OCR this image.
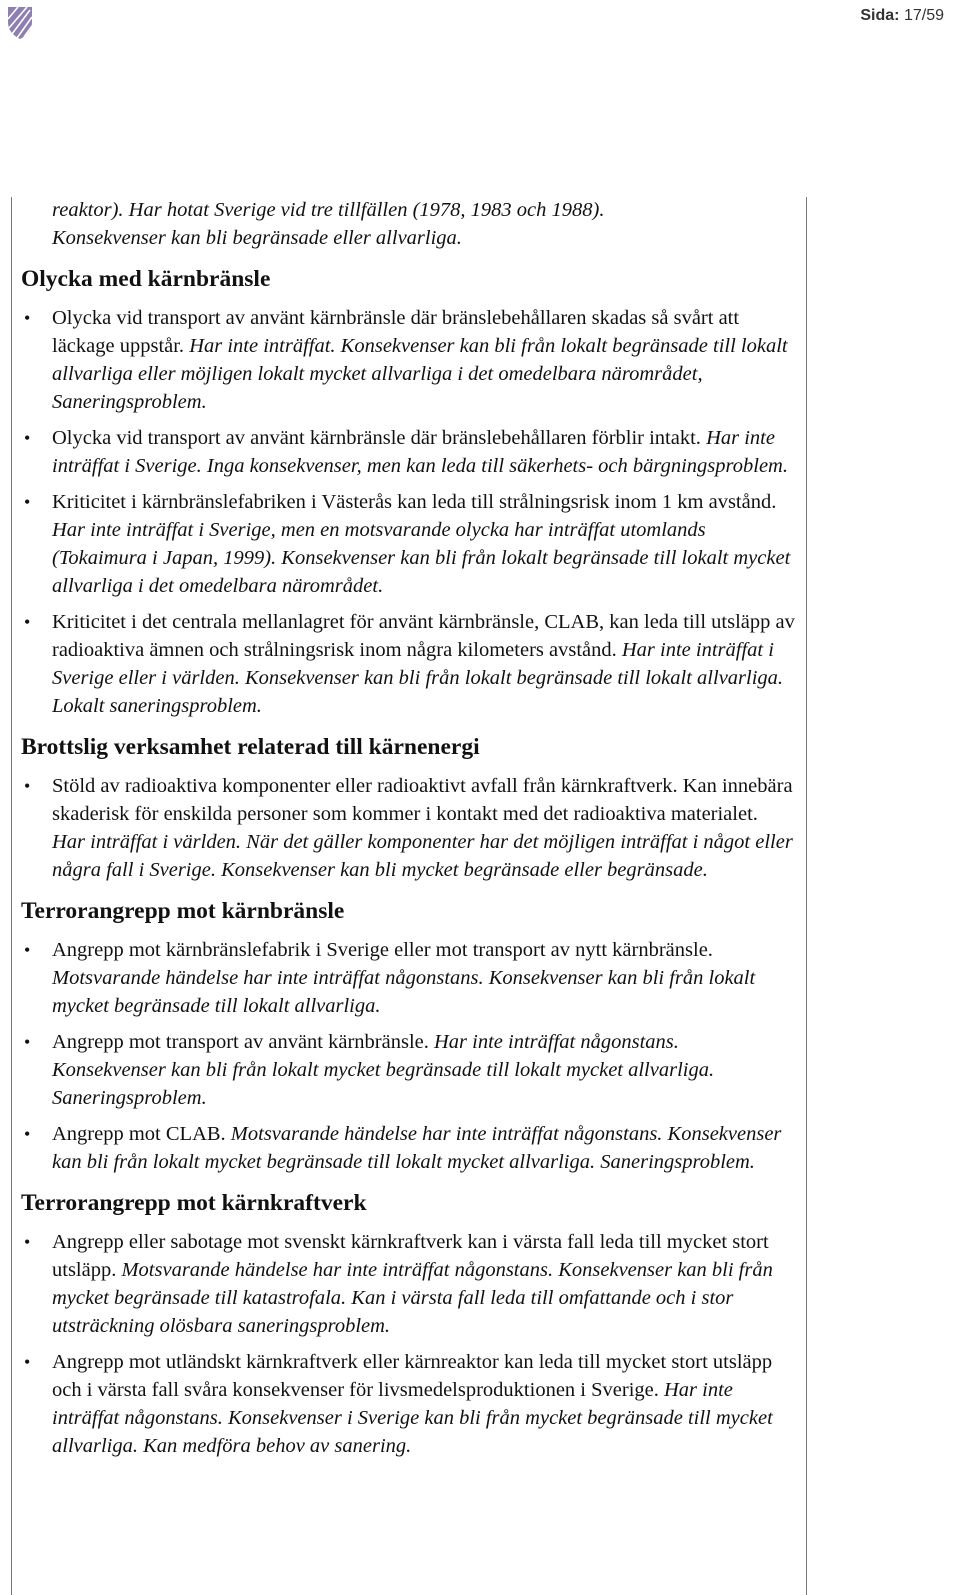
Sida: 17/59

reaktor). Har hotat Sverige vid tre tillfällen (1978, 1983 och 1988).
Konsekvenser kan bli begränsade eller allvarliga.

Olycka med kärnbränsle
• Olycka vid transport av använt kärnbränsle där bränslebehållaren skadas så svårt att läckage uppstår. Har inte inträffat. Konsekvenser kan bli från lokalt begränsade till lokalt allvarliga eller möjligen lokalt mycket allvarliga i det omedelbara närområdet, Saneringsproblem.
• Olycka vid transport av använt kärnbränsle där bränslebehållaren förblir intakt. Har inte inträffat i Sverige. Inga konsekvenser, men kan leda till säkerhets- och bärgningsproblem.
• Kriticitet i kärnbränslefabriken i Västerås kan leda till strålningsrisk inom 1 km avstånd. Har inte inträffat i Sverige, men en motsvarande olycka har inträffat utomlands (Tokaimura i Japan, 1999). Konsekvenser kan bli från lokalt begränsade till lokalt mycket allvarliga i det omedelbara närområdet.
• Kriticitet i det centrala mellanlagret för använt kärnbränsle, CLAB, kan leda till utsläpp av radioaktiva ämnen och strålningsrisk inom några kilometers avstånd. Har inte inträffat i Sverige eller i världen. Konsekvenser kan bli från lokalt begränsade till lokalt allvarliga. Lokalt saneringsproblem.
Brottslig verksamhet relaterad till kärnenergi
• Stöld av radioaktiva komponenter eller radioaktivt avfall från kärnkraftverk. Kan innebära skaderisk för enskilda personer som kommer i kontakt med det radioaktiva materialet. Har inträffat i världen. När det gäller komponenter har det möjligen inträffat i något eller några fall i Sverige. Konsekvenser kan bli mycket begränsade eller begränsade.
Terrorangrepp mot kärnbränsle
• Angrepp mot kärnbränslefabrik i Sverige eller mot transport av nytt kärnbränsle. Motsvarande händelse har inte inträffat någonstans. Konsekvenser kan bli från lokalt mycket begränsade till lokalt allvarliga.
• Angrepp mot transport av använt kärnbränsle. Har inte inträffat någonstans. Konsekvenser kan bli från lokalt mycket begränsade till lokalt mycket allvarliga. Saneringsproblem.
• Angrepp mot CLAB. Motsvarande händelse har inte inträffat någonstans. Konsekvenser kan bli från lokalt mycket begränsade till lokalt mycket allvarliga. Saneringsproblem.
Terrorangrepp mot kärnkraftverk
• Angrepp eller sabotage mot svenskt kärnkraftverk kan i värsta fall leda till mycket stort utsläpp. Motsvarande händelse har inte inträffat någonstans. Konsekvenser kan bli från mycket begränsade till katastrofala. Kan i värsta fall leda till omfattande och i stor utsträckning olösbara saneringsproblem.
• Angrepp mot utländskt kärnkraftverk eller kärnreaktor kan leda till mycket stort utsläpp och i värsta fall svåra konsekvenser för livsmedelsproduktionen i Sverige. Har inte inträffat någonstans. Konsekvenser i Sverige kan bli från mycket begränsade till mycket allvarliga. Kan medföra behov av sanering.
